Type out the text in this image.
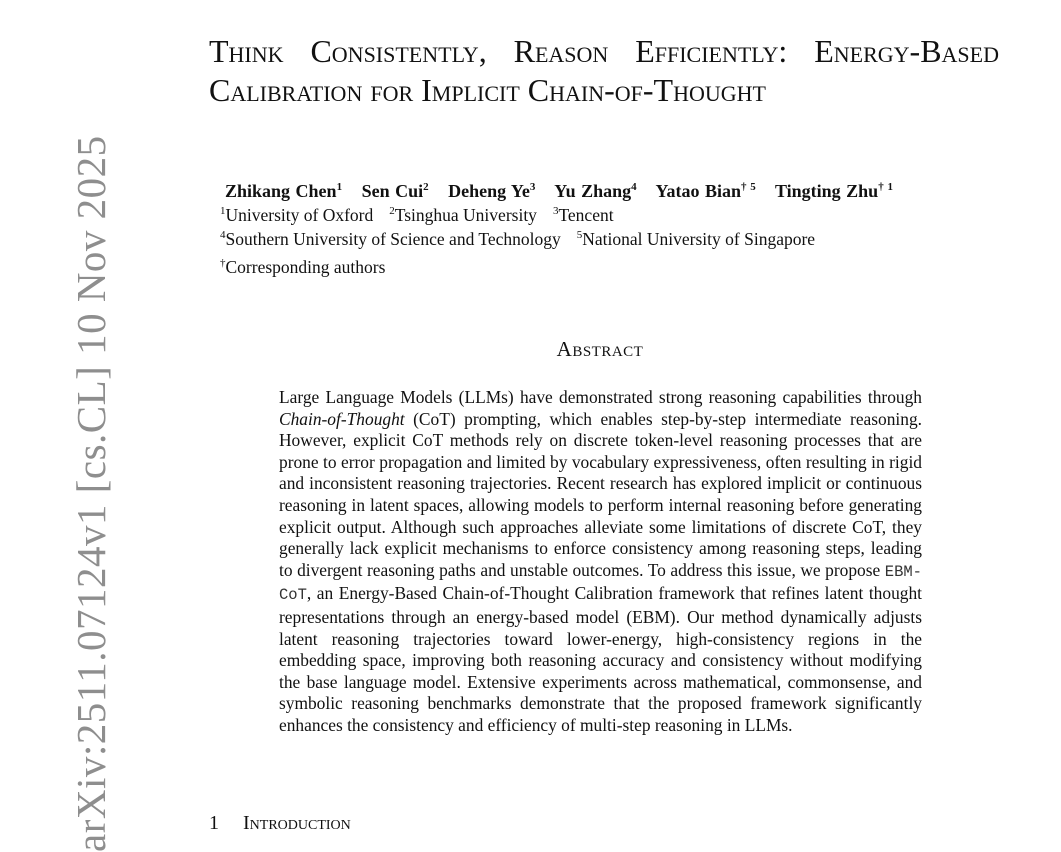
arXiv:2511.07124v1 [cs.CL] 10 Nov 2025
Think Consistently, Reason Efficiently: Energy-Based Calibration for Implicit Chain-of-Thought
Zhikang Chen$^1$ Sen Cui$^2$ Deheng Ye$^3$ Yu Zhang$^4$ Yatao Bian$^{\dagger 5}$ Tingting Zhu$^{\dagger 1}$
$^1$University of Oxford $^2$Tsinghua University $^3$Tencent
$^4$Southern University of Science and Technology $^5$National University of Singapore
†Corresponding authors
Abstract

Large Language Models (LLMs) have demonstrated strong reasoning capabilities through Chain-of-Thought (CoT) prompting, which enables step-by-step intermediate reasoning. However, explicit CoT methods rely on discrete token-level reasoning processes that are prone to error propagation and limited by vocabulary expressiveness, often resulting in rigid and inconsistent reasoning trajectories. Recent research has explored implicit or continuous reasoning in latent spaces, allowing models to perform internal reasoning before generating explicit output. Although such approaches alleviate some limitations of discrete CoT, they generally lack explicit mechanisms to enforce consistency among reasoning steps, leading to divergent reasoning paths and unstable outcomes. To address this issue, we propose EBM-CoT, an Energy-Based Chain-of-Thought Calibration framework that refines latent thought representations through an energy-based model (EBM). Our method dynamically adjusts latent reasoning trajectories toward lower-energy, high-consistency regions in the embedding space, improving both reasoning accuracy and consistency without modifying the base language model. Extensive experiments across mathematical, commonsense, and symbolic reasoning benchmarks demonstrate that the proposed framework significantly enhances the consistency and efficiency of multi-step reasoning in LLMs.

1 Introduction
